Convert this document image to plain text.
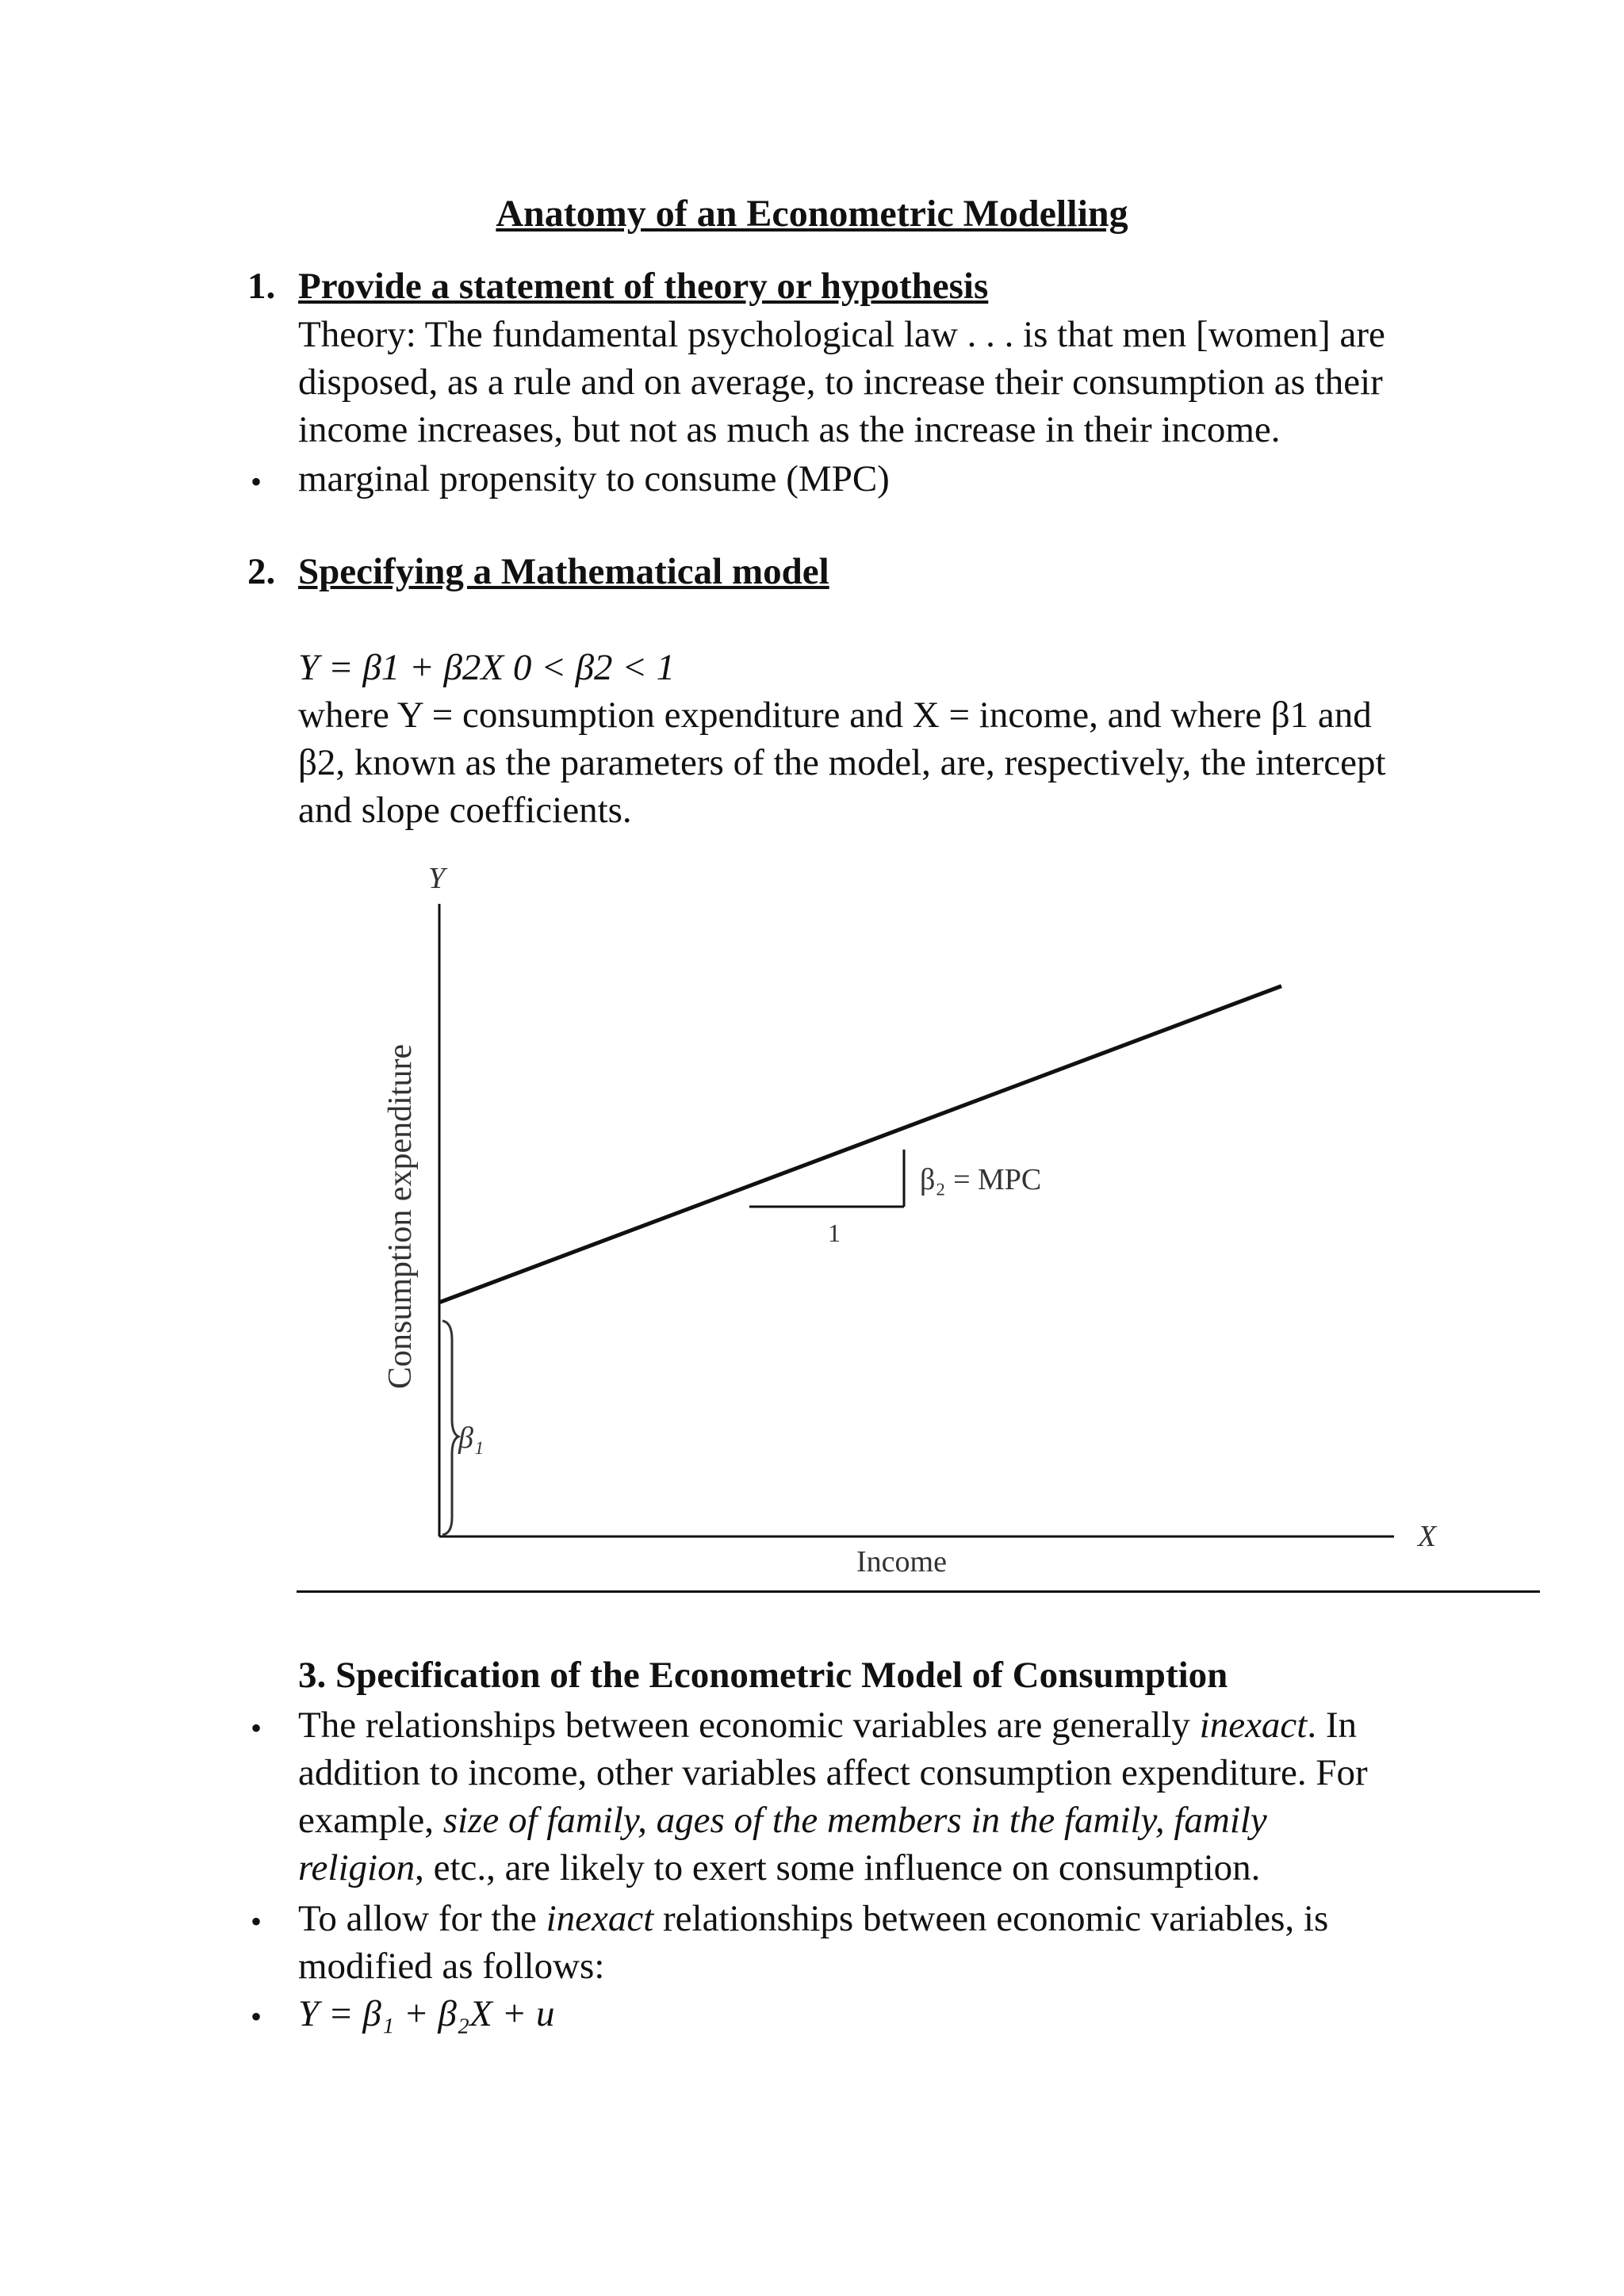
Anatomy of an Econometric Modelling
1. Provide a statement of theory or hypothesis
Theory: The fundamental psychological law . . . is that men [women] are
disposed, as a rule and on average, to increase their consumption as their
income increases, but not as much as the increase in their income.
• marginal propensity to consume (MPC)
2. Specifying a Mathematical model
Y = β1 + β2X 0 < β2 < 1
where Y = consumption expenditure and X = income, and where β1 and
β2, known as the parameters of the model, are, respectively, the intercept
and slope coefficients.
Y
X
Consumption expenditure
Income
β₂ = MPC
1
β₁
3. Specification of the Econometric Model of Consumption
• The relationships between economic variables are generally inexact. In
addition to income, other variables affect consumption expenditure. For
example, size of family, ages of the members in the family, family
religion, etc., are likely to exert some influence on consumption.
• To allow for the inexact relationships between economic variables, is
modified as follows:
• Y = β₁ + β₂X + u
